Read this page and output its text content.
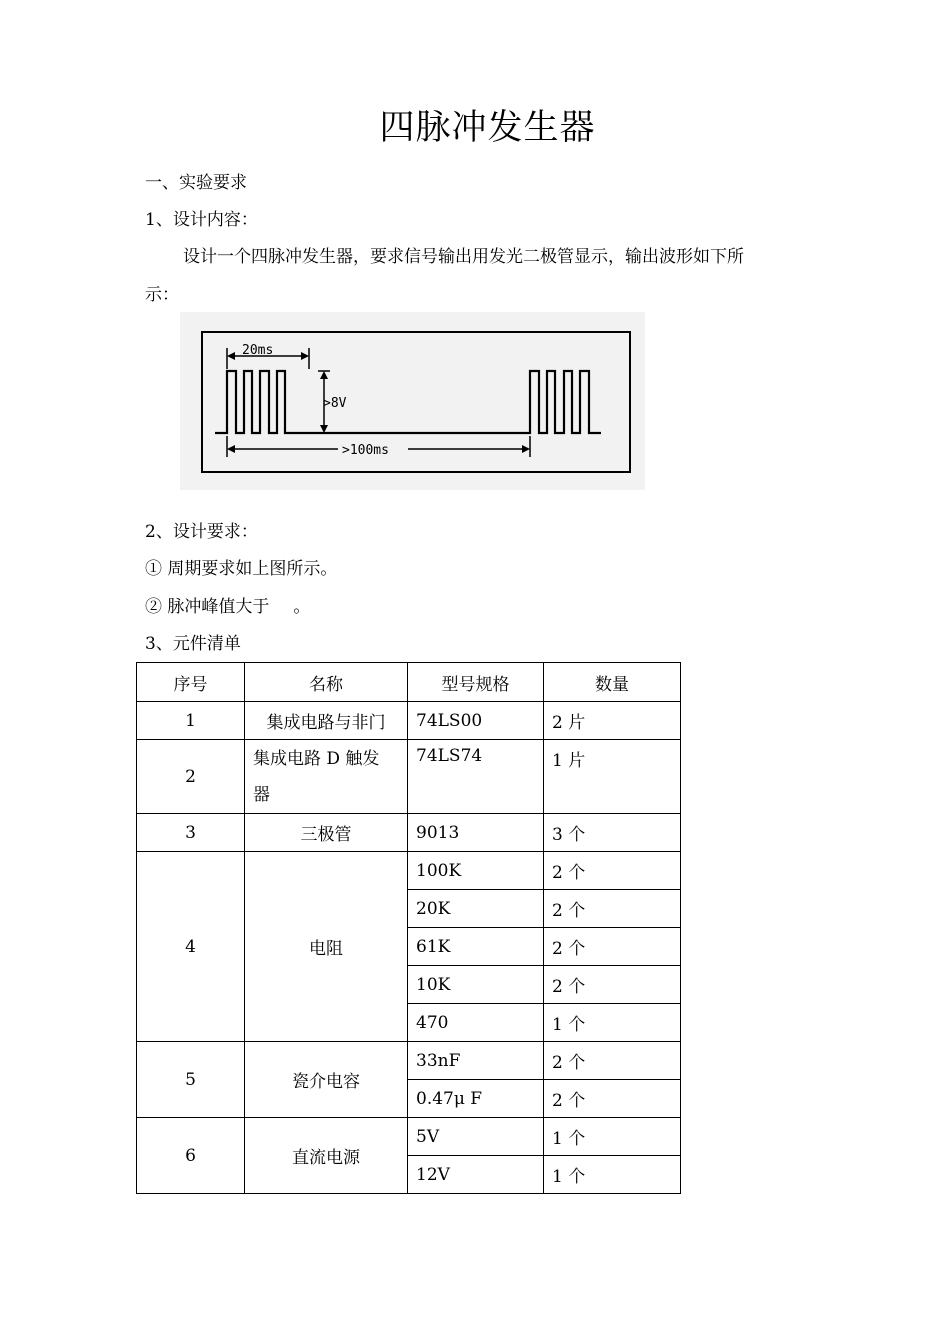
四脉冲发生器
一、实验要求
1、设计内容：
设计一个四脉冲发生器，要求信号输出用发光二极管显示，输出波形如下所
示：
20ms
>8V
>100ms
2、设计要求：
① 周期要求如上图所示。
② 脉冲峰值大于 。
3、元件清单
序号	名称	型号规格	数量
1	集成电路与非门	74LS00	2 片
2	集成电路 D 触发
器	74LS74	1 片
3	三极管	9013	3 个
4	电阻	100K	2 个
		20K	2 个
		61K	2 个
		10K	2 个
		470	1 个
5	瓷介电容	33nF	2 个
		0.47μ F	2 个
6	直流电源	5V	1 个
		12V	1 个
